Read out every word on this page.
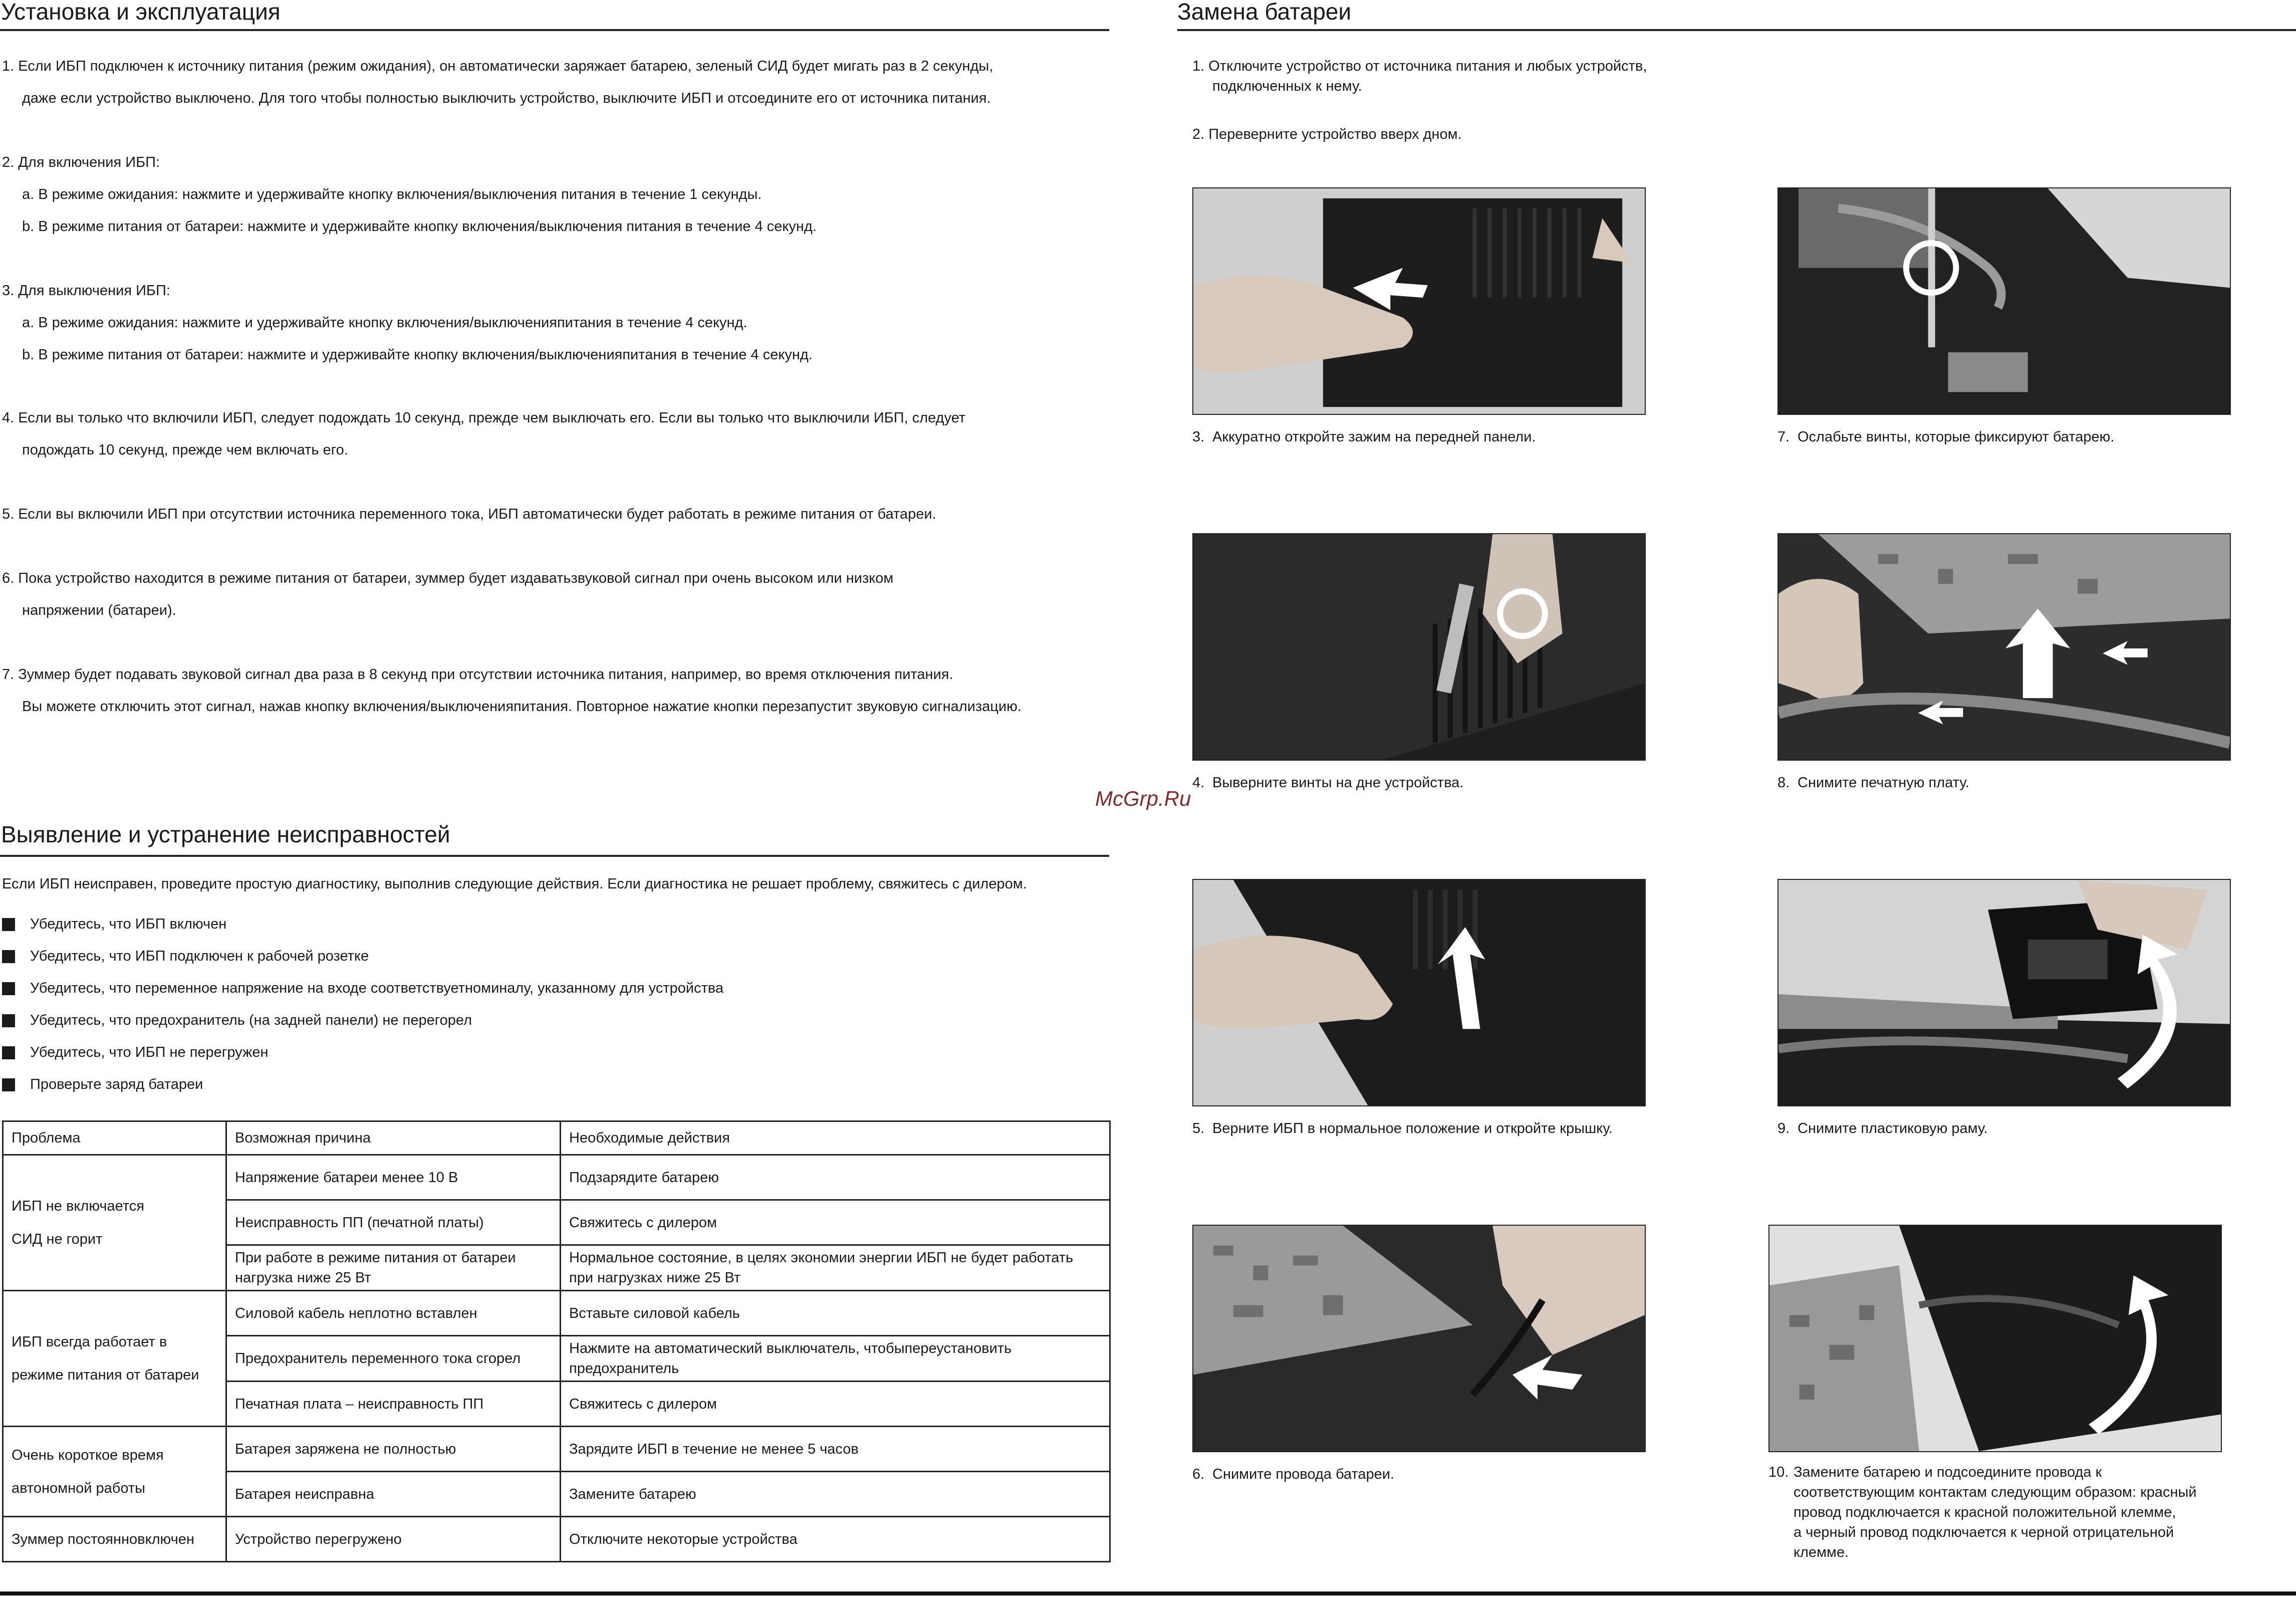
Установка и эксплуатация
1. Если ИБП подключен к источнику питания (режим ожидания), он автоматически заряжает батарею, зеленый СИД будет мигать раз в 2 секунды,

даже если устройство выключено. Для того чтобы полностью выключить устройство, выключите ИБП и отсоедините его от источника питания.
2. Для включения ИБП:

a. В режиме ожидания: нажмите и удерживайте кнопку включения/выключения питания в течение 1 секунды.
b. В режиме питания от батареи: нажмите и удерживайте кнопку включения/выключения питания в течение 4 секунд.
3. Для выключения ИБП:

a. В режиме ожидания: нажмите и удерживайте кнопку включения/выключенияпитания в течение 4 секунд.
b. В режиме питания от батареи: нажмите и удерживайте кнопку включения/выключенияпитания в течение 4 секунд.
4. Если вы только что включили ИБП, следует подождать 10 секунд, прежде чем выключать его. Если вы только что выключили ИБП, следует

подождать 10 секунд, прежде чем включать его.
5. Если вы включили ИБП при отсутствии источника переменного тока, ИБП автоматически будет работать в режиме питания от батареи.
6. Пока устройство находится в режиме питания от батареи, зуммер будет издаватьзвуковой сигнал при очень высоком или низком

напряжении (батареи).
7. Зуммер будет подавать звуковой сигнал два раза в 8 секунд при отсутствии источника питания, например, во время отключения питания.

Вы можете отключить этот сигнал, нажав кнопку включения/выключенияпитания. Повторное нажатие кнопки перезапустит звуковую сигнализацию.
Выявление и устранение неисправностей
Если ИБП неисправен, проведите простую диагностику, выполнив следующие действия. Если диагностика не решает проблему, свяжитесь с дилером.
Убедитесь, что ИБП включен
Убедитесь, что ИБП подключен к рабочей розетке
Убедитесь, что переменное напряжение на входе соответствуетноминалу, указанному для устройства
Убедитесь, что предохранитель (на задней панели) не перегорел
Убедитесь, что ИБП не перегружен
Проверьте заряд батареи
Проблема	Возможная причина	Необходимые действия
ИБП не включается
СИД не горит	Напряжение батареи менее 10 В	Подзарядите батарею
	Неисправность ПП (печатной платы)	Свяжитесь с дилером
	При работе в режиме питания от батареи нагрузка ниже 25 Вт	Нормальное состояние, в целях экономии энергии ИБП не будет работать при нагрузках ниже 25 Вт
ИБП всегда работает в
режиме питания от батареи	Силовой кабель неплотно вставлен	Вставьте силовой кабель
	Предохранитель переменного тока сгорел	Нажмите на автоматический выключатель, чтобыпереустановить предохранитель
	Печатная плата – неисправность ПП	Свяжитесь с дилером
Очень короткое время
автономной работы	Батарея заряжена не полностью	Зарядите ИБП в течение не менее 5 часов
	Батарея неисправна	Замените батарею
Зуммер постоянновключен	Устройство перегружено	Отключите некоторые устройства
Замена батареи
1. Отключите устройство от источника питания и любых устройств,
подключенных к нему.
2. Переверните устройство вверх дном.
3. Аккуратно откройте зажим на передней панели.
4. Выверните винты на дне устройства.
5. Верните ИБП в нормальное положение и откройте крышку.
6. Снимите провода батареи.
7. Ослабьте винты, которые фиксируют батарею.
8. Снимите печатную плату.
9. Снимите пластиковую раму.
10. Замените батарею и подсоедините провода к
соответствующим контактам следующим образом: красный
провод подключается к красной положительной клемме,
а черный провод подключается к черной отрицательной
клемме.
McGrp.Ru
